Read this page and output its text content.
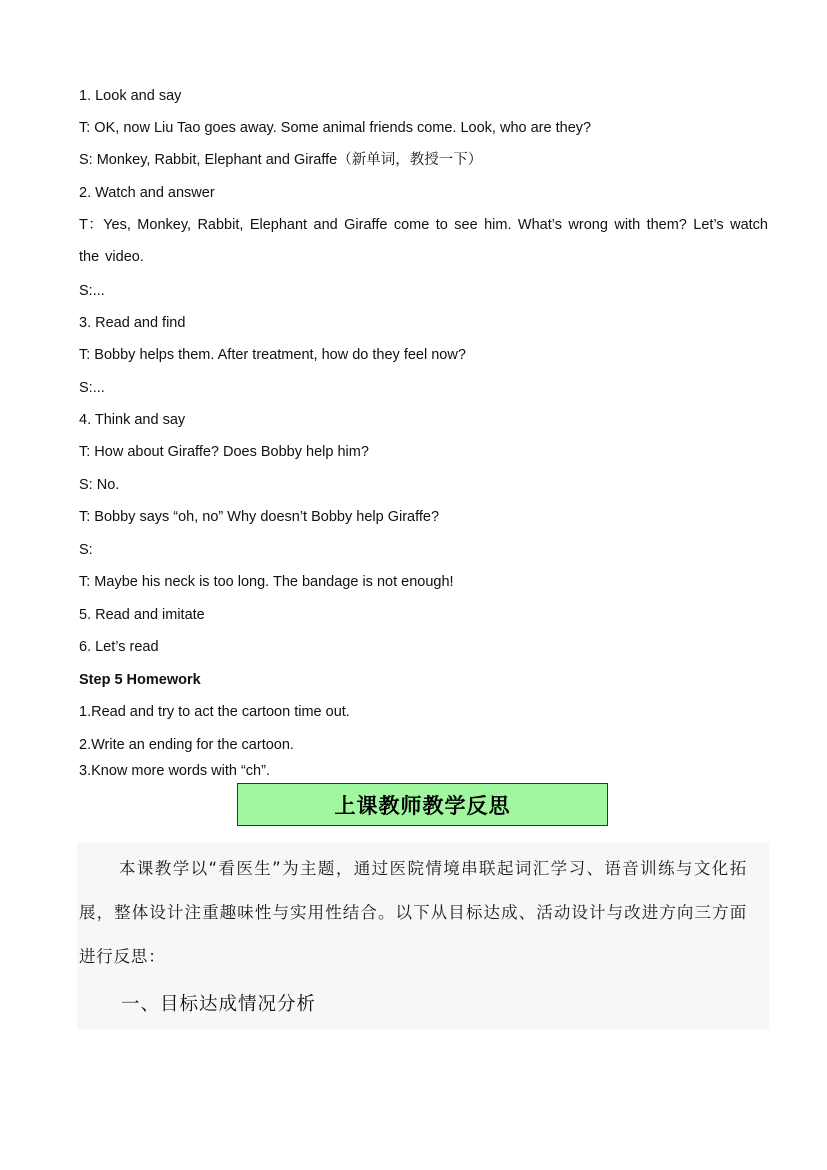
1. Look and say
T: OK, now Liu Tao goes away. Some animal friends come. Look, who are they?
S: Monkey, Rabbit, Elephant and Giraffe（新单词，教授一下）
2. Watch and answer
T：Yes, Monkey, Rabbit, Elephant and Giraffe come to see him. What’s wrong with them? Let’s watch the video.
S:...
3. Read and find
T: Bobby helps them. After treatment, how do they feel now?
S:...
4. Think and say
T: How about Giraffe? Does Bobby help him?
S: No.
T: Bobby says “oh, no” Why doesn’t Bobby help Giraffe?
S:
T: Maybe his neck is too long. The bandage is not enough!
5. Read and imitate
6. Let’s read
Step 5 Homework
1.Read and try to act the cartoon time out.
2.Write an ending for the cartoon.
3.Know more words with “ch”.
上课教师教学反思
本课教学以“看医生”为主题，通过医院情境串联起词汇学习、语音训练与文化拓展，整体设计注重趣味性与实用性结合。以下从目标达成、活动设计与改进方向三方面进行反思：
一、目标达成情况分析
